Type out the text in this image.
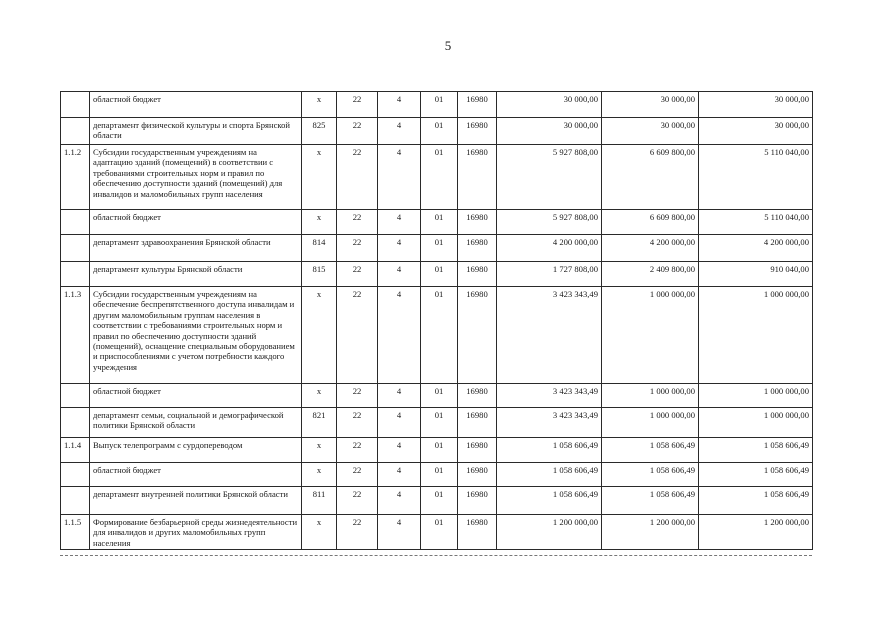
5
	областной бюджет	х	22	4	01	16980	30 000,00	30 000,00	30 000,00
	департамент физической культуры и спорта Брянской области	825	22	4	01	16980	30 000,00	30 000,00	30 000,00
1.1.2	Субсидии государственным учреждениям на адаптацию зданий (помещений) в соответствии с требованиями строительных норм и правил по обеспечению доступности зданий (помещений) для инвалидов и маломобильных групп населения	х	22	4	01	16980	5 927 808,00	6 609 800,00	5 110 040,00
	областной бюджет	х	22	4	01	16980	5 927 808,00	6 609 800,00	5 110 040,00
	департамент здравоохранения Брянской области	814	22	4	01	16980	4 200 000,00	4 200 000,00	4 200 000,00
	департамент культуры Брянской области	815	22	4	01	16980	1 727 808,00	2 409 800,00	910 040,00
1.1.3	Субсидии государственным учреждениям на обеспечение беспрепятственного доступа инвалидам и другим маломобильным группам населения в соответствии с требованиями строительных норм и правил по обеспечению доступности зданий (помещений), оснащение специальным оборудованием и приспособлениями с учетом потребности каждого учреждения	х	22	4	01	16980	3 423 343,49	1 000 000,00	1 000 000,00
	областной бюджет	х	22	4	01	16980	3 423 343,49	1 000 000,00	1 000 000,00
	департамент семьи, социальной и демографической политики Брянской области	821	22	4	01	16980	3 423 343,49	1 000 000,00	1 000 000,00
1.1.4	Выпуск телепрограмм с сурдопереводом	х	22	4	01	16980	1 058 606,49	1 058 606,49	1 058 606,49
	областной бюджет	х	22	4	01	16980	1 058 606,49	1 058 606,49	1 058 606,49
	департамент внутренней политики Брянской области	811	22	4	01	16980	1 058 606,49	1 058 606,49	1 058 606,49
1.1.5	Формирование безбарьерной среды жизнедеятельности для инвалидов и других маломобильных групп населения	х	22	4	01	16980	1 200 000,00	1 200 000,00	1 200 000,00
